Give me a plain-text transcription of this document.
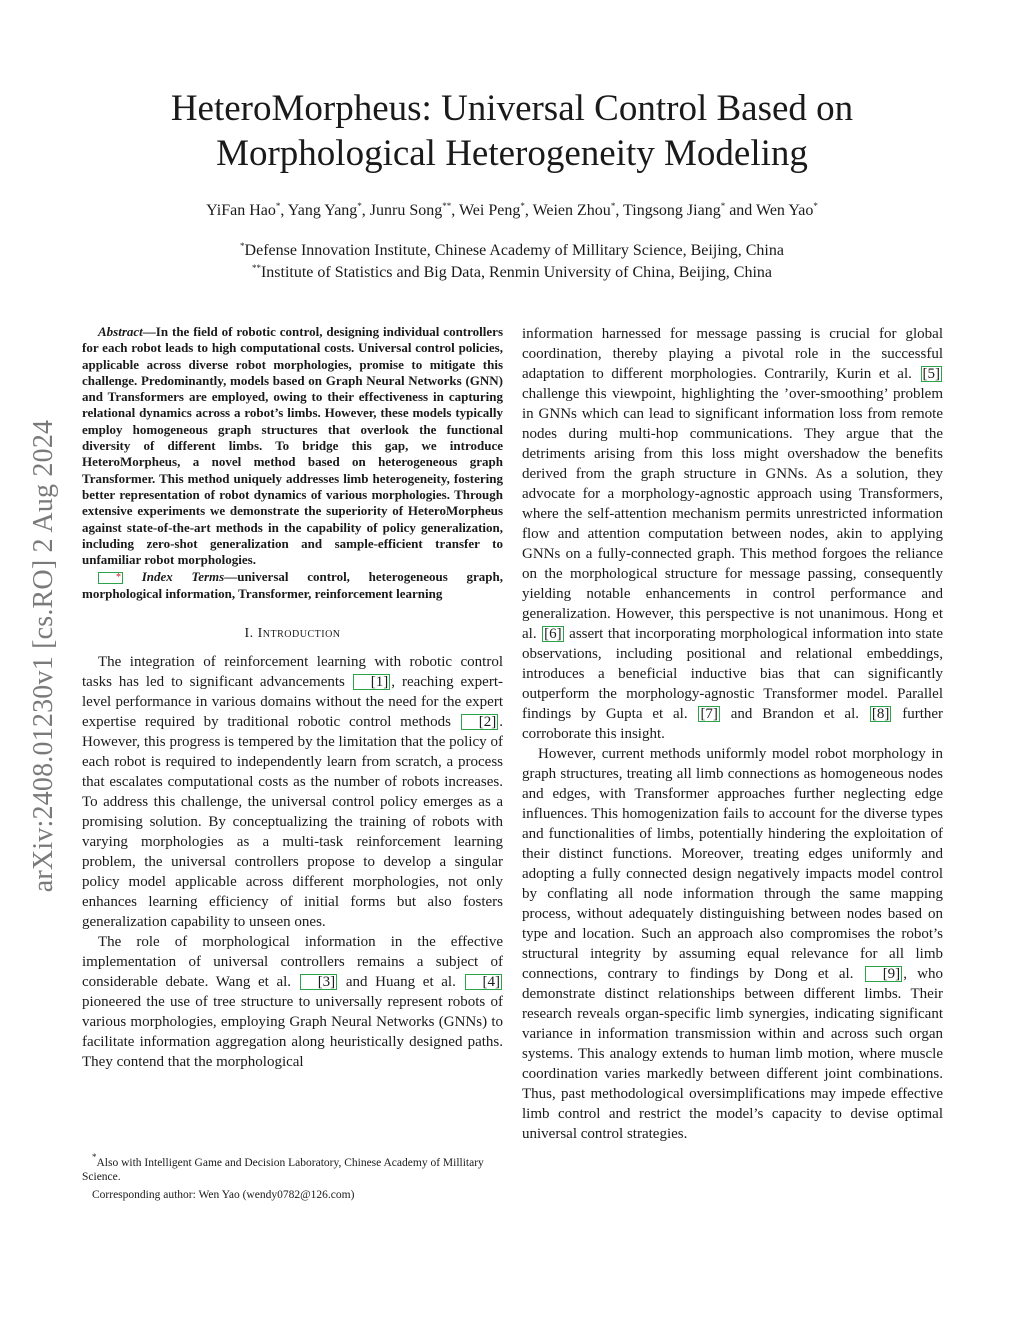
arXiv:2408.01230v1 [cs.RO] 2 Aug 2024
HeteroMorpheus: Universal Control Based on
Morphological Heterogeneity Modeling
YiFan Hao*, Yang Yang*, Junru Song**, Wei Peng*, Weien Zhou*, Tingsong Jiang* and Wen Yao*
*Defense Innovation Institute, Chinese Academy of Millitary Science, Beijing, China
**Institute of Statistics and Big Data, Renmin University of China, Beijing, China

Abstract—In the field of robotic control, designing individual controllers for each robot leads to high computational costs. Universal control policies, applicable across diverse robot morphologies, promise to mitigate this challenge. Predominantly, models based on Graph Neural Networks (GNN) and Transformers are employed, owing to their effectiveness in capturing relational dynamics across a robot’s limbs. However, these models typically employ homogeneous graph structures that overlook the functional diversity of different limbs. To bridge this gap, we introduce HeteroMorpheus, a novel method based on heterogeneous graph Transformer. This method uniquely addresses limb heterogeneity, fostering better representation of robot dynamics of various morphologies. Through extensive experiments we demonstrate the superiority of HeteroMorpheus against state-of-the-art methods in the capability of policy generalization, including zero-shot generalization and sample-efficient transfer to unfamiliar robot morphologies.

* Index Terms—universal control, heterogeneous graph, morphological information, Transformer, reinforcement learning

I. Introduction

The integration of reinforcement learning with robotic control tasks has led to significant advancements [1] , reaching expert-level performance in various domains without the need for the expert expertise required by traditional robotic control methods [2] . However, this progress is tempered by the limitation that the policy of each robot is required to independently learn from scratch, a process that escalates computational costs as the number of robots increases. To address this challenge, the universal control policy emerges as a promising solution. By conceptualizing the training of robots with varying morphologies as a multi-task reinforcement learning problem, the universal controllers propose to develop a singular policy model applicable across different morphologies, not only enhances learning efficiency of initial forms but also fosters generalization capability to unseen ones.

The role of morphological information in the effective implementation of universal controllers remains a subject of considerable debate. Wang et al. [3] and Huang et al. [4] pioneered the use of tree structure to universally represent robots of various morphologies, employing Graph Neural Networks (GNNs) to facilitate information aggregation along heuristically designed paths. They contend that the morphological

information harnessed for message passing is crucial for global coordination, thereby playing a pivotal role in the successful adaptation to different morphologies. Contrarily, Kurin et al. [5] challenge this viewpoint, highlighting the ’over-smoothing’ problem in GNNs which can lead to significant information loss from remote nodes during multi-hop communications. They argue that the detriments arising from this loss might overshadow the benefits derived from the graph structure in GNNs. As a solution, they advocate for a morphology-agnostic approach using Transformers, where the self-attention mechanism permits unrestricted information flow and attention computation between nodes, akin to applying GNNs on a fully-connected graph. This method forgoes the reliance on the morphological structure for message passing, consequently yielding notable enhancements in control performance and generalization. However, this perspective is not unanimous. Hong et al. [6] assert that incorporating morphological information into state observations, including positional and relational embeddings, introduces a beneficial inductive bias that can significantly outperform the morphology-agnostic Transformer model. Parallel findings by Gupta et al. [7] and Brandon et al. [8] further corroborate this insight.

However, current methods uniformly model robot morphology in graph structures, treating all limb connections as homogeneous nodes and edges, with Transformer approaches further neglecting edge influences. This homogenization fails to account for the diverse types and functionalities of limbs, potentially hindering the exploitation of their distinct functions. Moreover, treating edges uniformly and adopting a fully connected design negatively impacts model control by conflating all node information through the same mapping process, without adequately distinguishing between nodes based on type and location. Such an approach also compromises the robot’s structural integrity by assuming equal relevance for all limb connections, contrary to findings by Dong et al. [9] , who demonstrate distinct relationships between different limbs. Their research reveals organ-specific limb synergies, indicating significant variance in information transmission within and across such organ systems. This analogy extends to human limb motion, where muscle coordination varies markedly between different joint combinations. Thus, past methodological oversimplifications may impede effective limb control and restrict the model’s capacity to devise optimal universal control strategies.

*Also with Intelligent Game and Decision Laboratory, Chinese Academy of Millitary Science.

Corresponding author: Wen Yao (wendy0782@126.com)
